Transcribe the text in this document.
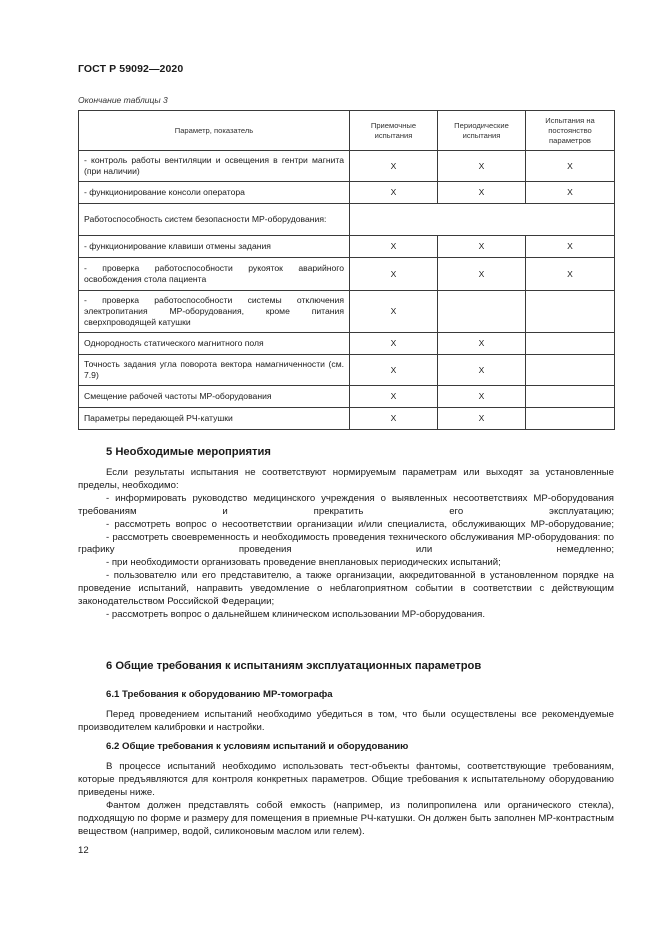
ГОСТ Р 59092—2020
Окончание таблицы 3
Параметр, показатель	Приемочные испытания	Периодические испытания	Испытания на постоянство параметров
- контроль работы вентиляции и освещения в гентри магнита (при наличии)	X	X	X
- функционирование консоли оператора	X	X	X
Работоспособность систем безопасности МР-оборудования:			
- функционирование клавиши отмены задания	X	X	X
- проверка работоспособности рукояток аварийного освобождения стола пациента	X	X	X
- проверка работоспособности системы отключения электропитания МР-оборудования, кроме питания сверхпроводящей катушки	X		
Однородность статического магнитного поля	X	X	
Точность задания угла поворота вектора намагниченности (см. 7.9)	X	X	
Смещение рабочей частоты МР-оборудования	X	X	
Параметры передающей РЧ-катушки	X	X	
5 Необходимые мероприятия

Если результаты испытания не соответствуют нормируемым параметрам или выходят за установленные пределы, необходимо:

- информировать руководство медицинского учреждения о выявленных несоответствиях МР-оборудования требованиям и прекратить его эксплуатацию;

- рассмотреть вопрос о несоответствии организации и/или специалиста, обслуживающих МР-оборудование;

- рассмотреть своевременность и необходимость проведения технического обслуживания МР-оборудования: по графику проведения или немедленно;

- при необходимости организовать проведение внеплановых периодических испытаний;

- пользователю или его представителю, а также организации, аккредитованной в установленном порядке на проведение испытаний, направить уведомление о неблагоприятном событии в соответствии с действующим законодательством Российской Федерации;

- рассмотреть вопрос о дальнейшем клиническом использовании МР-оборудования.

6 Общие требования к испытаниям эксплуатационных параметров
6.1 Требования к оборудованию МР-томографа

Перед проведением испытаний необходимо убедиться в том, что были осуществлены все рекомендуемые производителем калибровки и настройки.

6.2 Общие требования к условиям испытаний и оборудованию

В процессе испытаний необходимо использовать тест-объекты фантомы, соответствующие требованиям, которые предъявляются для контроля конкретных параметров. Общие требования к испытательному оборудованию приведены ниже.

Фантом должен представлять собой емкость (например, из полипропилена или органического стекла), подходящую по форме и размеру для помещения в приемные РЧ-катушки. Он должен быть заполнен МР-контрастным веществом (например, водой, силиконовым маслом или гелем).

12
